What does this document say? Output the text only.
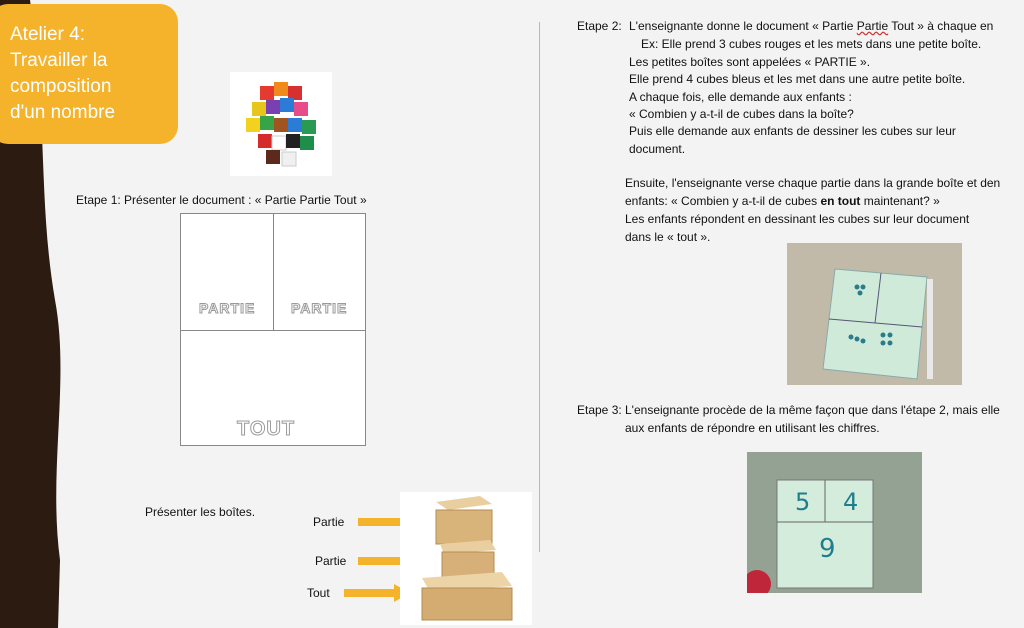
Atelier 4:
Travailler la
composition
d'un nombre

Etape 1: Présenter le document : « Partie Partie Tout »
PARTIE	PARTIE
TOUT
Présenter les boîtes.
Partie
Partie
Tout
Etape 2: L'enseignante donne le document « Partie Partie Tout » à chaque en
Ex: Elle prend 3 cubes rouges et les mets dans une petite boîte.
Les petites boîtes sont appelées « PARTIE ».
Elle prend 4 cubes bleus et les met dans une autre petite boîte.
A chaque fois, elle demande aux enfants :
« Combien y a-t-il de cubes dans la boîte?
Puis elle demande aux enfants de dessiner les cubes sur leur
document.
Ensuite, l'enseignante verse chaque partie dans la grande boîte et den
enfants: « Combien y a-t-il de cubes en tout maintenant? »
Les enfants répondent en dessinant les cubes sur leur document
dans le « tout ».
Etape 3: L'enseignante procède de la même façon que dans l'étape 2, mais elle
aux enfants de répondre en utilisant les chiffres.
5 4
9
